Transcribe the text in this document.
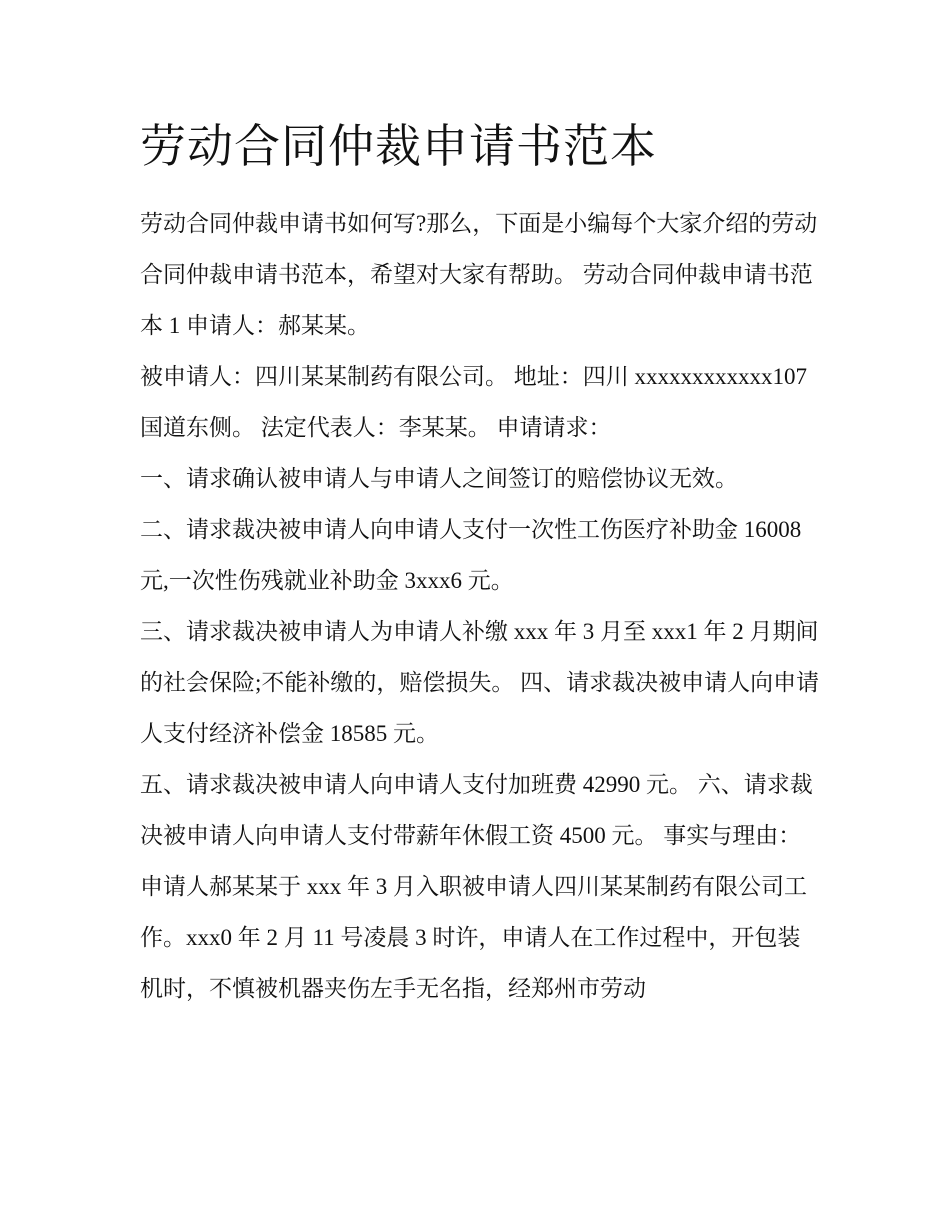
劳动合同仲裁申请书范本

劳动合同仲裁申请书如何写?那么，下面是小编每个大家介绍的劳动合同仲裁申请书范本，希望对大家有帮助。 劳动合同仲裁申请书范本 1 申请人：郝某某。

被申请人：四川某某制药有限公司。 地址：四川 xxxxxxxxxxxx107 国道东侧。 法定代表人：李某某。 申请请求：

一、请求确认被申请人与申请人之间签订的赔偿协议无效。

二、请求裁决被申请人向申请人支付一次性工伤医疗补助金 16008 元,一次性伤残就业补助金 3xxx6 元。

三、请求裁决被申请人为申请人补缴 xxx 年 3 月至 xxx1 年 2 月期间的社会保险;不能补缴的，赔偿损失。 四、请求裁决被申请人向申请人支付经济补偿金 18585 元。

五、请求裁决被申请人向申请人支付加班费 42990 元。 六、请求裁决被申请人向申请人支付带薪年休假工资 4500 元。 事实与理由：

申请人郝某某于 xxx 年 3 月入职被申请人四川某某制药有限公司工作。xxx0 年 2 月 11 号凌晨 3 时许，申请人在工作过程中，开包装机时，不慎被机器夹伤左手无名指，经郑州市劳动
